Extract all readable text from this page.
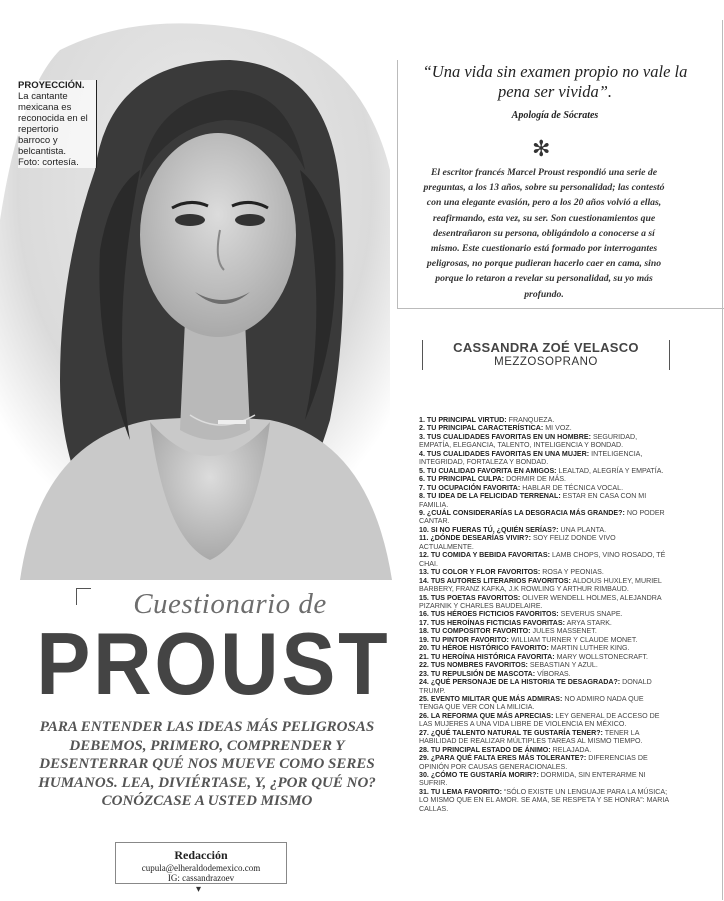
PROYECCIÓN.
La cantante mexicana es reconocida en el repertorio barroco y belcantista. Foto: cortesía.
Cuestionario de
PROUST
PARA ENTENDER LAS IDEAS MÁS PELIGROSAS DEBEMOS, PRIMERO, COMPRENDER Y DESENTERRAR QUÉ NOS MUEVE COMO SERES HUMANOS. LEA, DIVIÉRTASE, Y, ¿POR QUÉ NO? CONÓZCASE A USTED MISMO
Redacción
cupula@elheraldodemexico.com
IG: cassandrazoev
▾
“Una vida sin examen propio no vale la pena ser vivida”.
Apología de Sócrates
✻
El escritor francés Marcel Proust respondió una serie de preguntas, a los 13 años, sobre su personalidad; las contestó con una elegante evasión, pero a los 20 años volvió a ellas, reafirmando, esta vez, su ser. Son cuestionamientos que desentrañaron su persona, obligándolo a conocerse a sí mismo. Este cuestionario está formado por interrogantes peligrosas, no porque pudieran hacerlo caer en cama, sino porque lo retaron a revelar su personalidad, su yo más profundo.
CASSANDRA ZOÉ VELASCO
MEZZOSOPRANO
1. TU PRINCIPAL VIRTUD: FRANQUEZA.
2. TU PRINCIPAL CARACTERÍSTICA: MI VOZ.
3. TUS CUALIDADES FAVORITAS EN UN HOMBRE: SEGURIDAD, EMPATÍA, ELEGANCIA, TALENTO, INTELIGENCIA Y BONDAD.
4. TUS CUALIDADES FAVORITAS EN UNA MUJER: INTELIGENCIA, INTEGRIDAD, FORTALEZA Y BONDAD.
5. TU CUALIDAD FAVORITA EN AMIGOS: LEALTAD, ALEGRÍA Y EMPATÍA.
6. TU PRINCIPAL CULPA: DORMIR DE MÁS.
7. TU OCUPACIÓN FAVORITA: HABLAR DE TÉCNICA VOCAL.
8. TU IDEA DE LA FELICIDAD TERRENAL: ESTAR EN CASA CON MI FAMILIA.
9. ¿CUÁL CONSIDERARÍAS LA DESGRACIA MÁS GRANDE?: NO PODER CANTAR.
10. SI NO FUERAS TÚ, ¿QUIÉN SERÍAS?: UNA PLANTA.
11. ¿DÓNDE DESEARÍAS VIVIR?: SOY FELIZ DONDE VIVO ACTUALMENTE.
12. TU COMIDA Y BEBIDA FAVORITAS: LAMB CHOPS, VINO ROSADO, TÉ CHAI.
13. TU COLOR Y FLOR FAVORITOS: ROSA Y PEONIAS.
14. TUS AUTORES LITERARIOS FAVORITOS: ALDOUS HUXLEY, MURIEL BARBERY, FRANZ KAFKA, J.K ROWLING Y ARTHUR RIMBAUD.
15. TUS POETAS FAVORITOS: OLIVER WENDELL HOLMES, ALEJANDRA PIZARNIK Y CHARLES BAUDELAIRE.
16. TUS HÉROES FICTICIOS FAVORITOS: SEVERUS SNAPE.
17. TUS HEROÍNAS FICTICIAS FAVORITAS: ARYA STARK.
18. TU COMPOSITOR FAVORITO: JULES MASSENET.
19. TU PINTOR FAVORITO: WILLIAM TURNER Y CLAUDE MONET.
20. TU HÉROE HISTÓRICO FAVORITO: MARTIN LUTHER KING.
21. TU HEROÍNA HISTÓRICA FAVORITA: MARY WOLLSTONECRAFT.
22. TUS NOMBRES FAVORITOS: SEBASTIAN Y AZUL.
23. TU REPULSIÓN DE MASCOTA: VÍBORAS.
24. ¿QUÉ PERSONAJE DE LA HISTORIA TE DESAGRADA?: DONALD TRUMP.
25. EVENTO MILITAR QUE MÁS ADMIRAS: NO ADMIRO NADA QUE TENGA QUE VER CON LA MILICIA.
26. LA REFORMA QUE MÁS APRECIAS: LEY GENERAL DE ACCESO DE LAS MUJERES A UNA VIDA LIBRE DE VIOLENCIA EN MÉXICO.
27. ¿QUÉ TALENTO NATURAL TE GUSTARÍA TENER?: TENER LA HABILIDAD DE REALIZAR MÚLTIPLES TAREAS AL MISMO TIEMPO.
28. TU PRINCIPAL ESTADO DE ÁNIMO: RELAJADA.
29. ¿PARA QUÉ FALTA ERES MÁS TOLERANTE?: DIFERENCIAS DE OPINIÓN POR CAUSAS GENERACIONALES.
30. ¿CÓMO TE GUSTARÍA MORIR?: DORMIDA, SIN ENTERARME NI SUFRIR.
31. TU LEMA FAVORITO: “SÓLO EXISTE UN LENGUAJE PARA LA MÚSICA; LO MISMO QUE EN EL AMOR. SE AMA, SE RESPETA Y SE HONRA”: MARIA CALLAS.
